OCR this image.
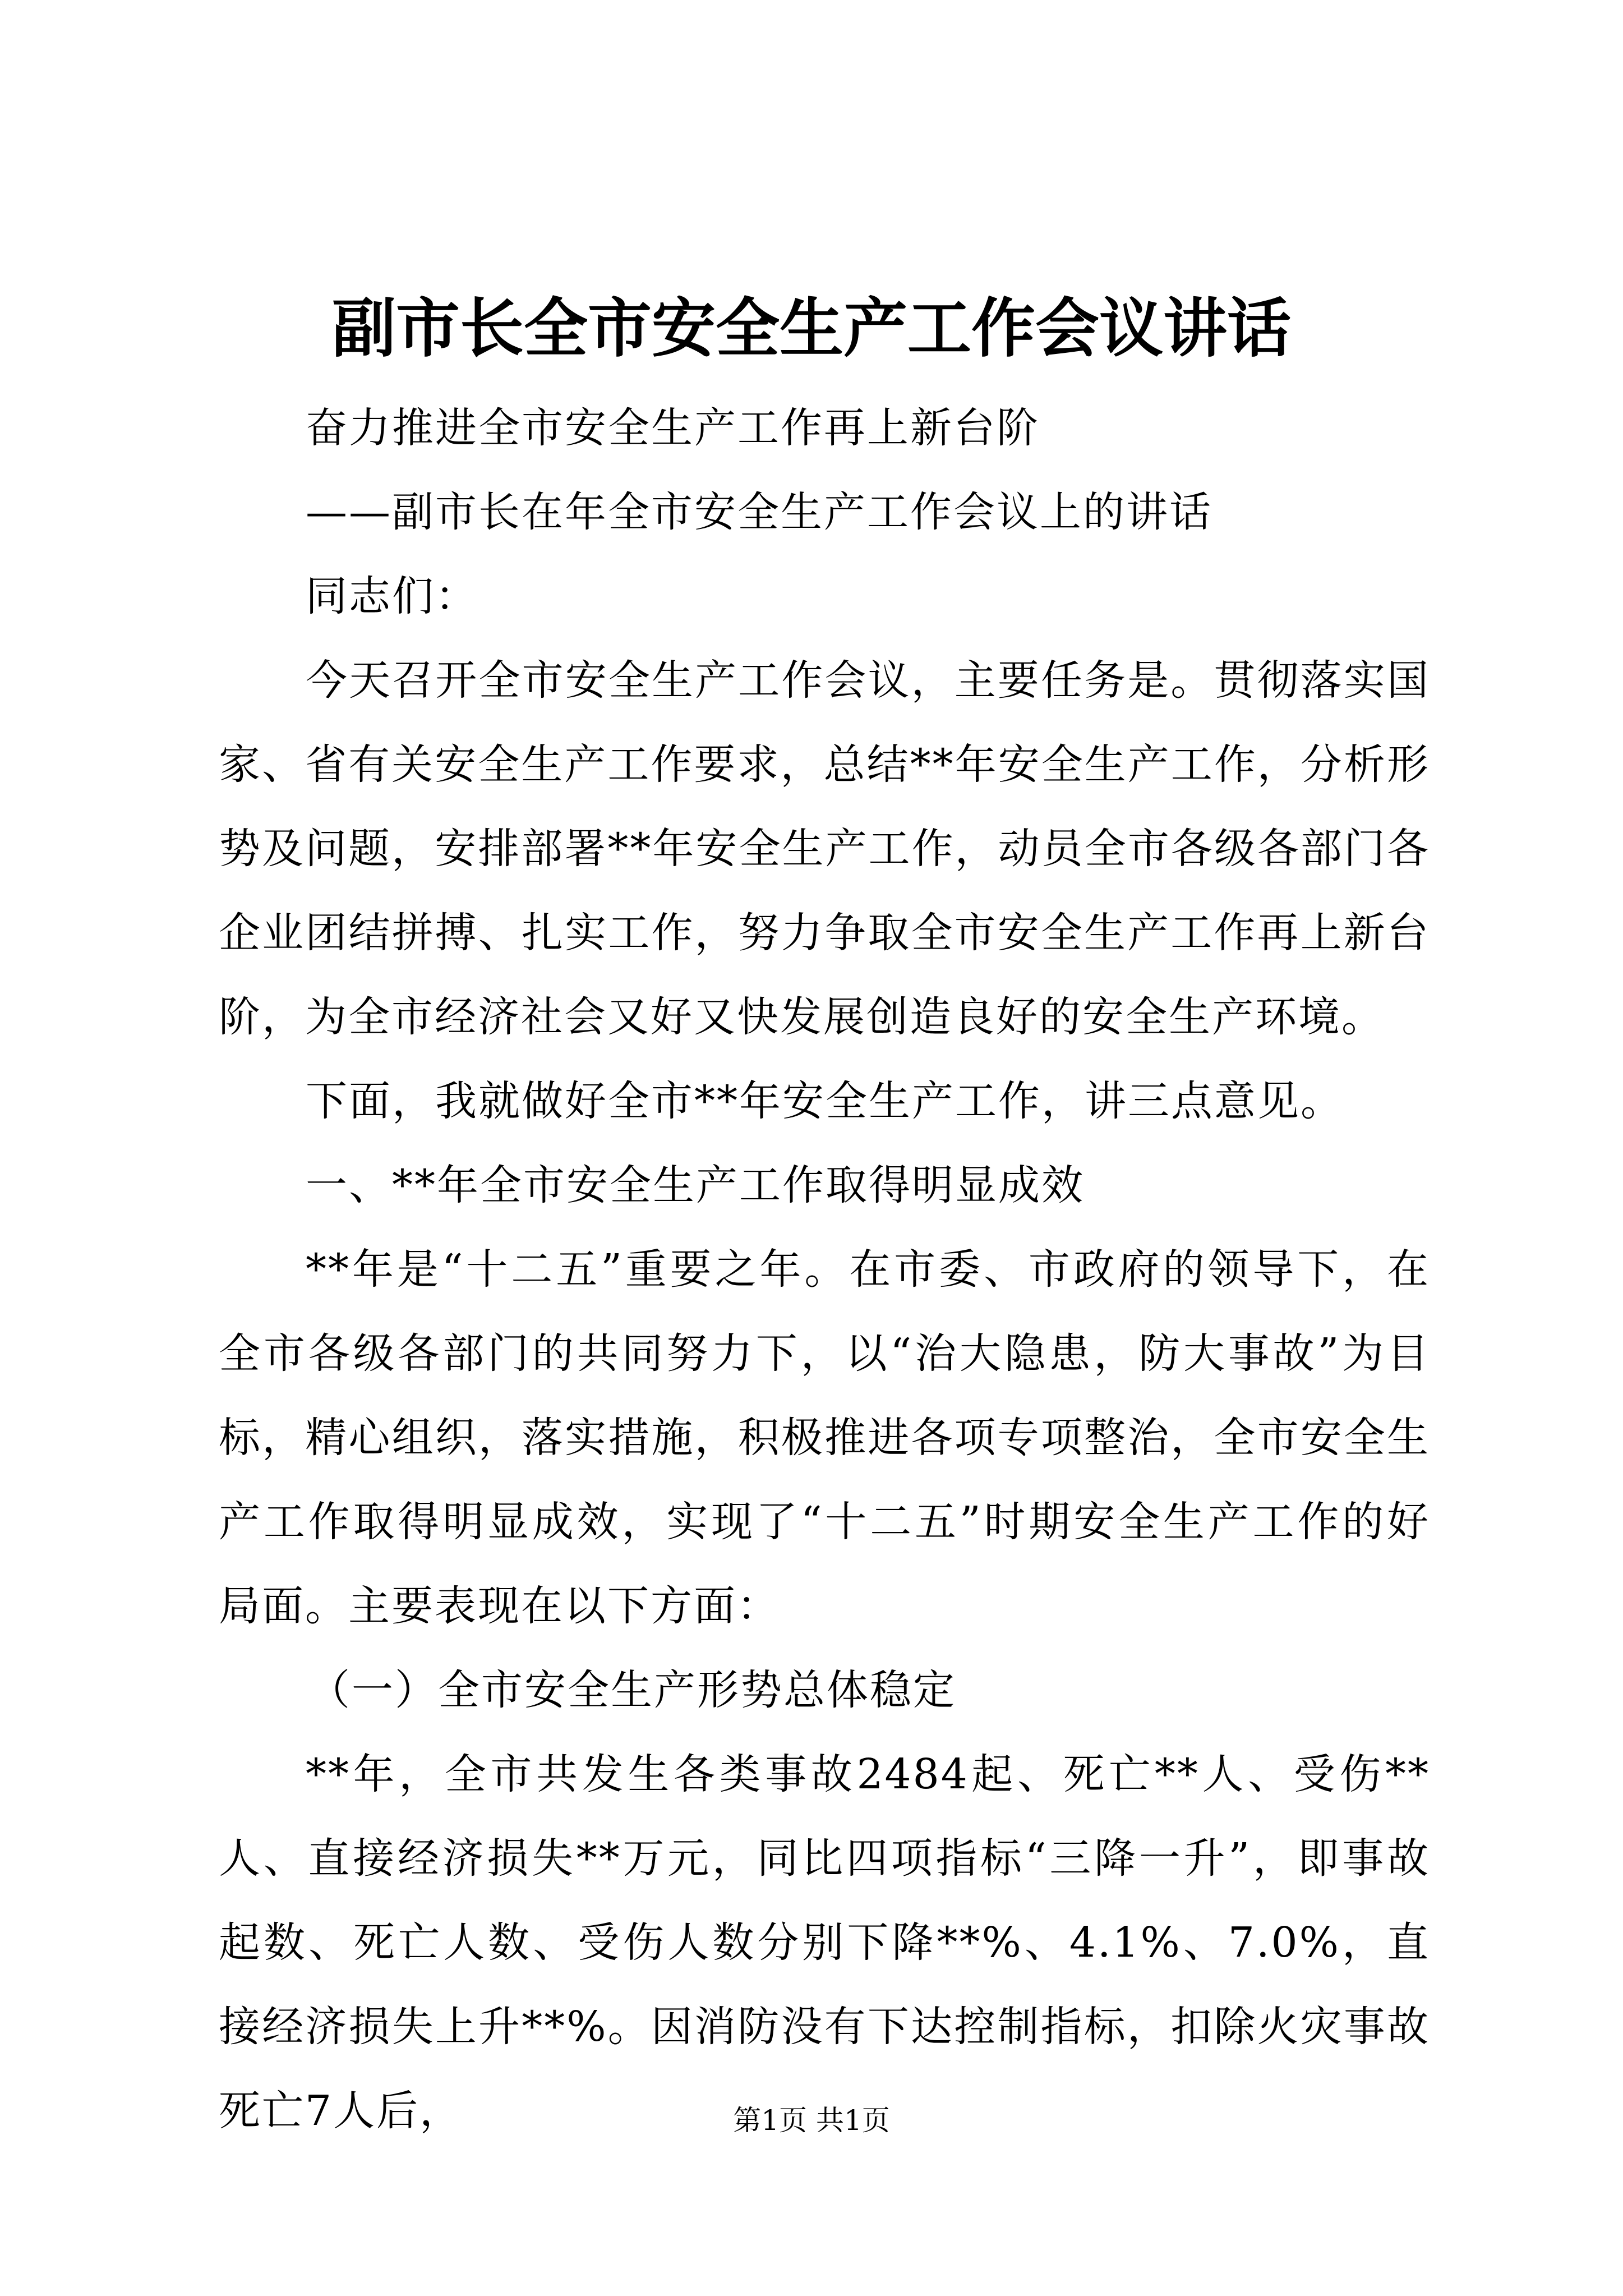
副市长全市安全生产工作会议讲话

奋力推进全市安全生产工作再上新台阶

——副市长在年全市安全生产工作会议上的讲话

同志们：

今天召开全市安全生产工作会议，主要任务是。贯彻落实国家、省有关安全生产工作要求，总结**年安全生产工作，分析形势及问题，安排部署**年安全生产工作，动员全市各级各部门各企业团结拼搏、扎实工作，努力争取全市安全生产工作再上新台阶，为全市经济社会又好又快发展创造良好的安全生产环境。

下面，我就做好全市**年安全生产工作，讲三点意见。

一、**年全市安全生产工作取得明显成效

**年是“十二五”重要之年。在市委、市政府的领导下，在全市各级各部门的共同努力下，以“治大隐患，防大事故”为目标，精心组织，落实措施，积极推进各项专项整治，全市安全生产工作取得明显成效，实现了“十二五”时期安全生产工作的好局面。主要表现在以下方面：

（一）全市安全生产形势总体稳定

**年，全市共发生各类事故2484起、死亡**人、受伤**人、直接经济损失**万元，同比四项指标“三降一升”，即事故起数、死亡人数、受伤人数分别下降**%、4.1%、7.0%，直接经济损失上升**%。因消防没有下达控制指标，扣除火灾事故死亡7人后，	第1页 共1页
